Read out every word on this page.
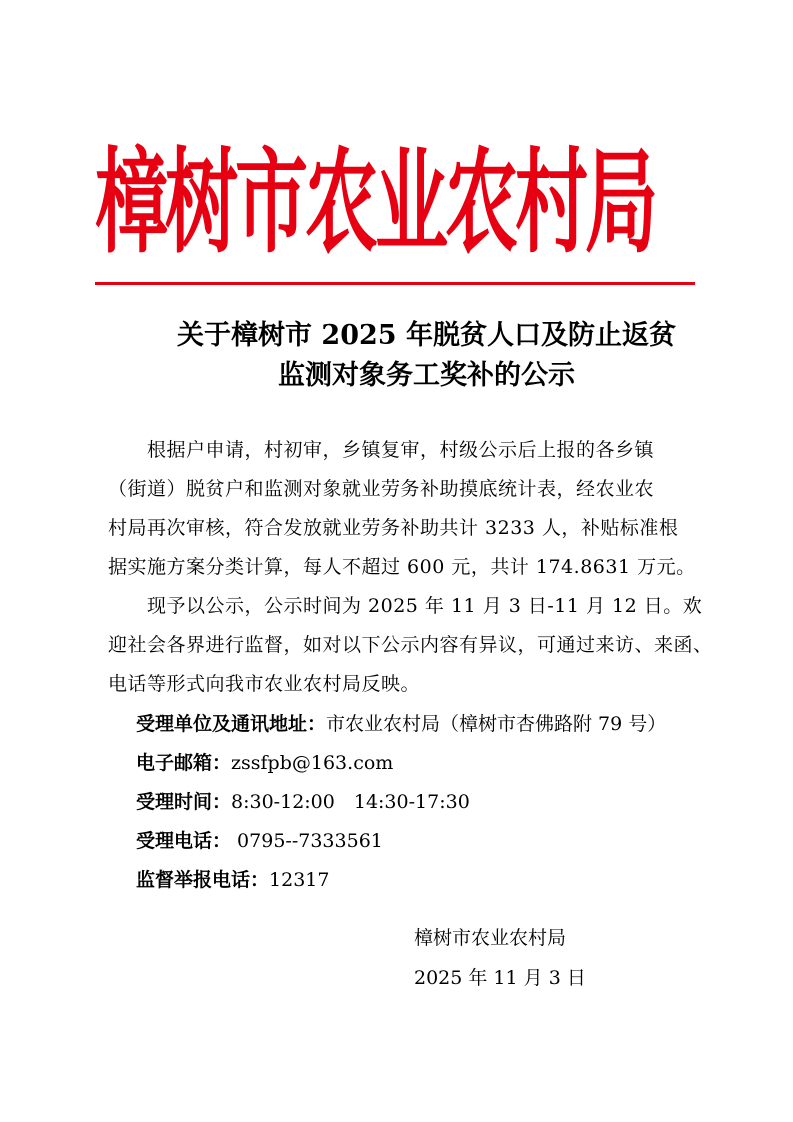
樟树市农业农村局
关于樟树市 2025 年脱贫人口及防止返贫
监测对象务工奖补的公示
　　根据户申请，村初审，乡镇复审，村级公示后上报的各乡镇
（街道）脱贫户和监测对象就业劳务补助摸底统计表，经农业农
村局再次审核，符合发放就业劳务补助共计 3233 人，补贴标准根
据实施方案分类计算，每人不超过 600 元，共计 174.8631 万元。
　　现予以公示，公示时间为 2025 年 11 月 3 日-11 月 12 日。欢
迎社会各界进行监督，如对以下公示内容有异议，可通过来访、来函、
电话等形式向我市农业农村局反映。
受理单位及通讯地址：市农业农村局（樟树市杏佛路附 79 号）
电子邮箱：zssfpb@163.com
受理时间：8:30-12:00　14:30-17:30
受理电话： 0795--7333561
监督举报电话：12317
樟树市农业农村局
2025 年 11 月 3 日
